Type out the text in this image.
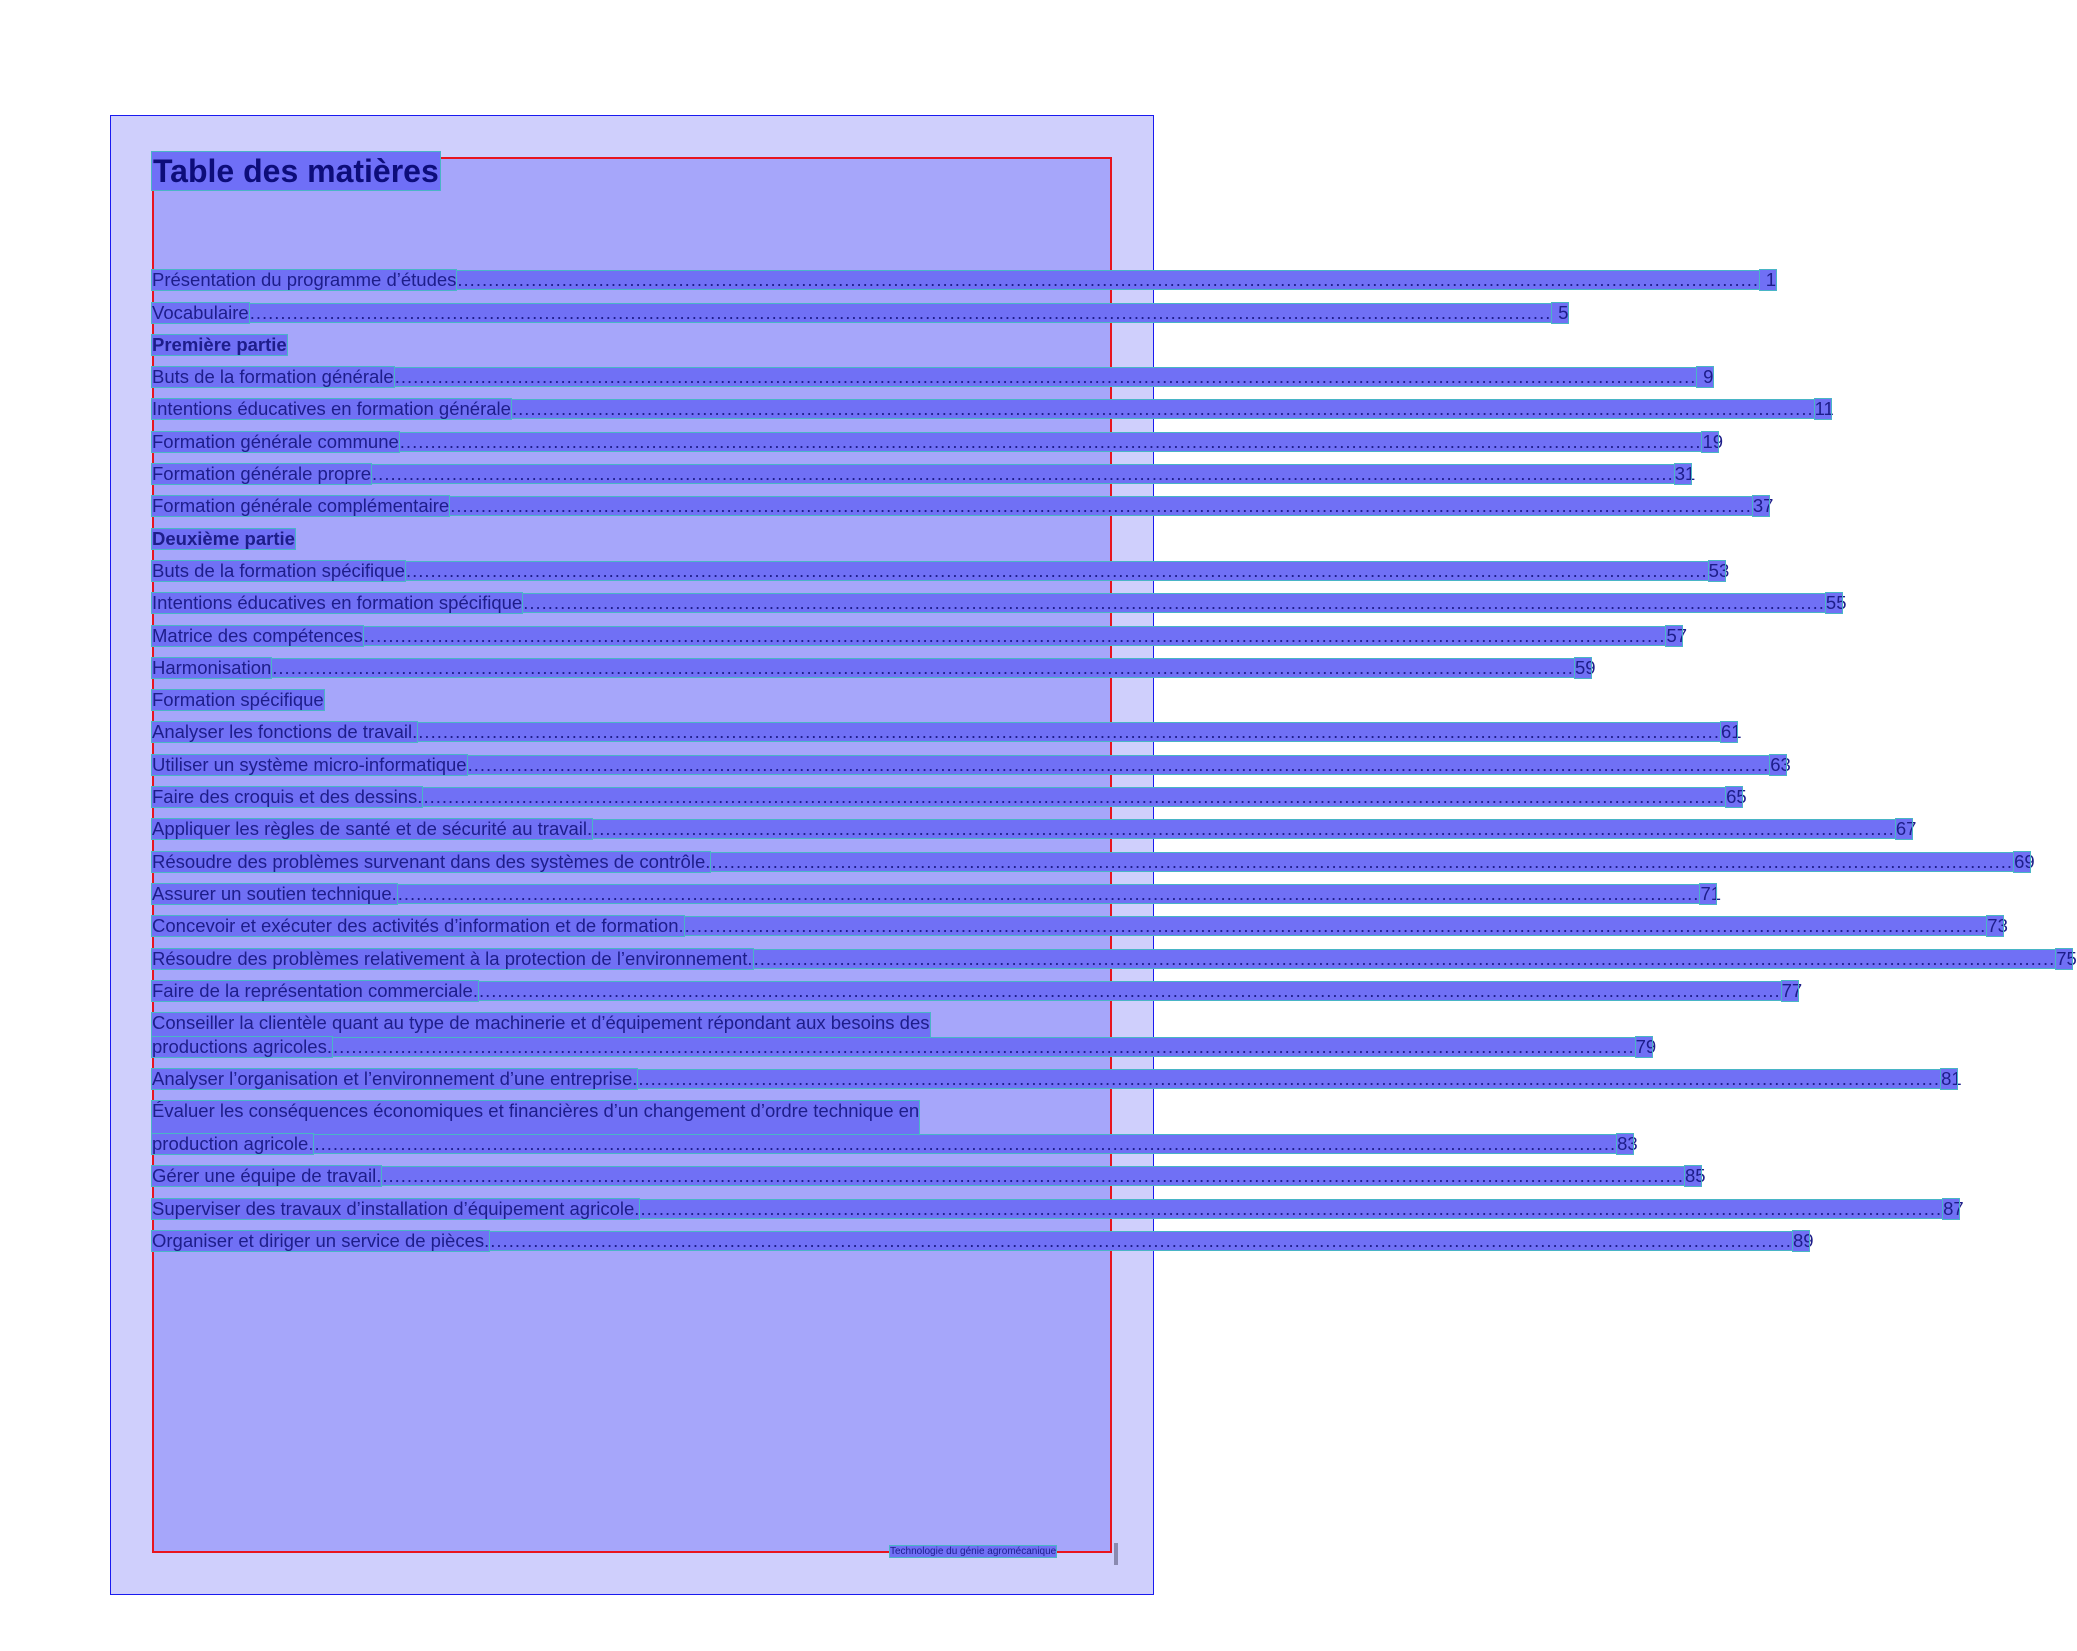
Table des matières
Présentation du programme d’études .................................................................................................................................................................................................................... 1
Vocabulaire .................................................................................................................................................................................................................... 5
Première partie
Buts de la formation générale .................................................................................................................................................................................................................... 9
Intentions éducatives en formation générale .................................................................................................................................................................................................................... 11
Formation générale commune .................................................................................................................................................................................................................... 19
Formation générale propre .................................................................................................................................................................................................................... 31
Formation générale complémentaire .................................................................................................................................................................................................................... 37
Deuxième partie
Buts de la formation spécifique .................................................................................................................................................................................................................... 53
Intentions éducatives en formation spécifique .................................................................................................................................................................................................................... 55
Matrice des compétences .................................................................................................................................................................................................................... 57
Harmonisation .................................................................................................................................................................................................................... 59
Formation spécifique
Analyser les fonctions de travail. .................................................................................................................................................................................................................... 61
Utiliser un système micro-informatique .................................................................................................................................................................................................................... 63
Faire des croquis et des dessins. .................................................................................................................................................................................................................... 65
Appliquer les règles de santé et de sécurité au travail. .................................................................................................................................................................................................................... 67
Résoudre des problèmes survenant dans des systèmes de contrôle. .................................................................................................................................................................................................................... 69
Assurer un soutien technique. .................................................................................................................................................................................................................... 71
Concevoir et exécuter des activités d’information et de formation. .................................................................................................................................................................................................................... 73
Résoudre des problèmes relativement à la protection de l’environnement. .................................................................................................................................................................................................................... 75
Faire de la représentation commerciale. .................................................................................................................................................................................................................... 77
Conseiller la clientèle quant au type de machinerie et d’équipement répondant aux besoins des
productions agricoles. .................................................................................................................................................................................................................... 79
Analyser l’organisation et l’environnement d’une entreprise. .................................................................................................................................................................................................................... 81
Évaluer les conséquences économiques et financières d’un changement d’ordre technique en
production agricole. .................................................................................................................................................................................................................... 83
Gérer une équipe de travail. .................................................................................................................................................................................................................... 85
Superviser des travaux d’installation d’équipement agricole. .................................................................................................................................................................................................................... 87
Organiser et diriger un service de pièces. .................................................................................................................................................................................................................... 89
Technologie du génie agromécanique
